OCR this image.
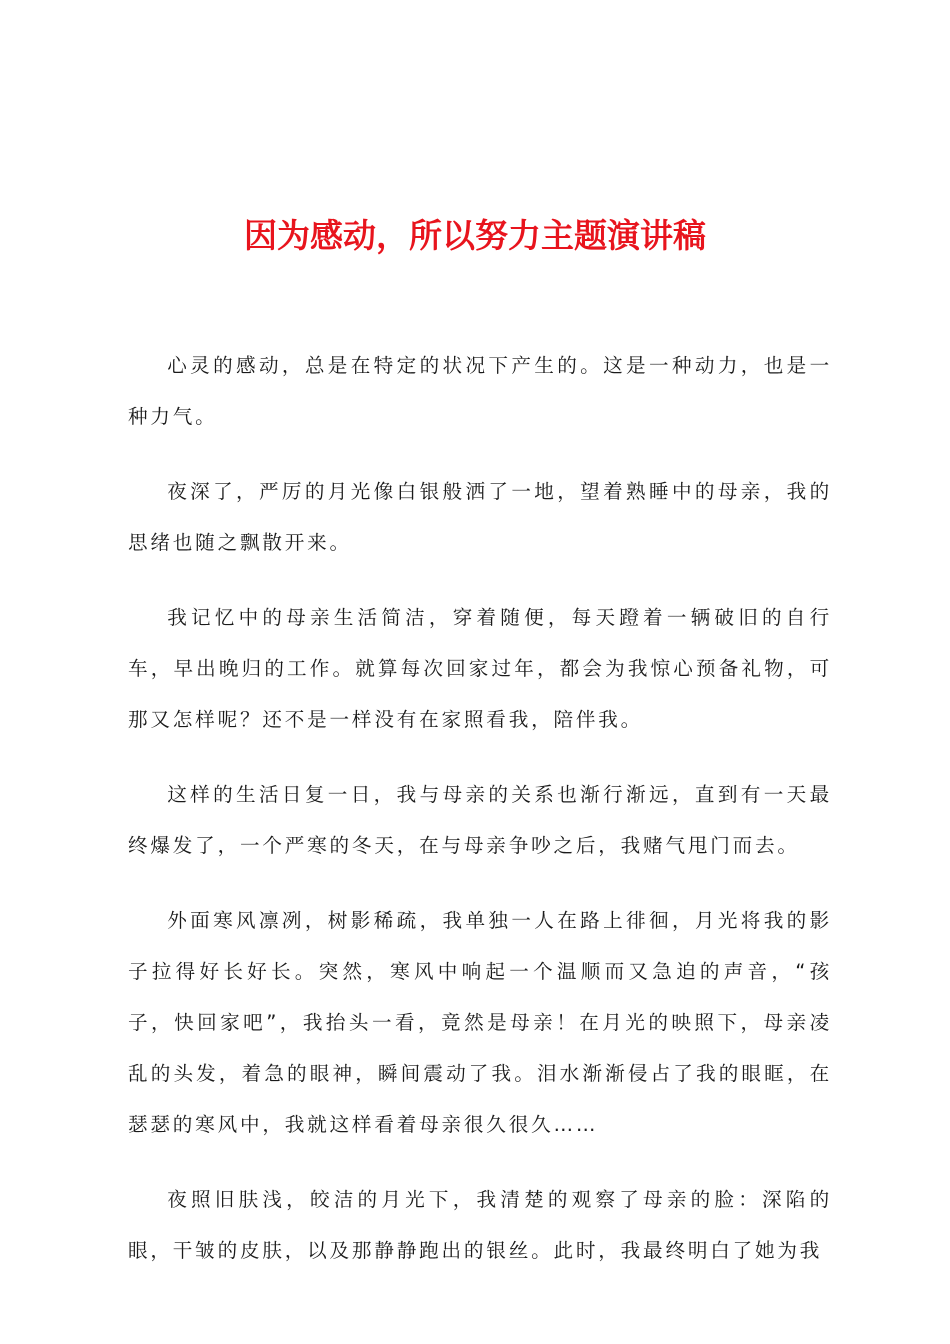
因为感动，所以努力主题演讲稿

心灵的感动，总是在特定的状况下产生的。这是一种动力，也是一种力气。

夜深了，严厉的月光像白银般洒了一地，望着熟睡中的母亲，我的思绪也随之飘散开来。

我记忆中的母亲生活简洁，穿着随便，每天蹬着一辆破旧的自行车，早出晚归的工作。就算每次回家过年，都会为我惊心预备礼物，可那又怎样呢？还不是一样没有在家照看我，陪伴我。

这样的生活日复一日，我与母亲的关系也渐行渐远，直到有一天最终爆发了，一个严寒的冬天，在与母亲争吵之后，我赌气甩门而去。

外面寒风凛冽，树影稀疏，我单独一人在路上徘徊，月光将我的影子拉得好长好长。突然，寒风中响起一个温顺而又急迫的声音，“孩子，快回家吧”，我抬头一看，竟然是母亲！在月光的映照下，母亲凌乱的头发，着急的眼神，瞬间震动了我。泪水渐渐侵占了我的眼眶，在瑟瑟的寒风中，我就这样看着母亲很久很久……

夜照旧肤浅，皎洁的月光下，我清楚的观察了母亲的脸：深陷的眼，干皱的皮肤，以及那静静跑出的银丝。此时，我最终明白了她为我
